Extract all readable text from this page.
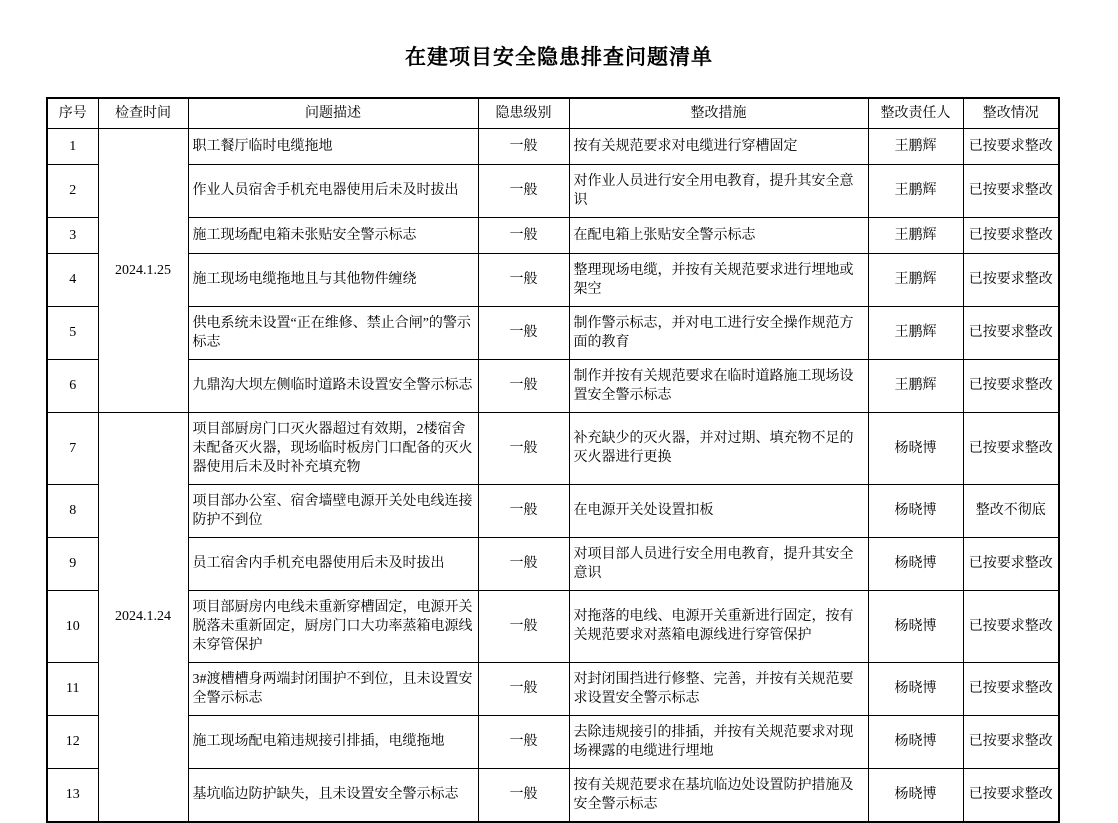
在建项目安全隐患排查问题清单
序号	检查时间	问题描述	隐患级别	整改措施	整改责任人	整改情况
1	2024.1.25	职工餐厅临时电缆拖地	一般	按有关规范要求对电缆进行穿槽固定	王鹏辉	已按要求整改
2		作业人员宿舍手机充电器使用后未及时拔出	一般	对作业人员进行安全用电教育，提升其安全意识	王鹏辉	已按要求整改
3		施工现场配电箱未张贴安全警示标志	一般	在配电箱上张贴安全警示标志	王鹏辉	已按要求整改
4		施工现场电缆拖地且与其他物件缠绕	一般	整理现场电缆，并按有关规范要求进行埋地或架空	王鹏辉	已按要求整改
5		供电系统未设置“正在维修、禁止合闸”的警示标志	一般	制作警示标志，并对电工进行安全操作规范方面的教育	王鹏辉	已按要求整改
6		九鼎沟大坝左侧临时道路未设置安全警示标志	一般	制作并按有关规范要求在临时道路施工现场设置安全警示标志	王鹏辉	已按要求整改
7	2024.1.24	项目部厨房门口灭火器超过有效期，2楼宿舍未配备灭火器，现场临时板房门口配备的灭火器使用后未及时补充填充物	一般	补充缺少的灭火器，并对过期、填充物不足的灭火器进行更换	杨晓博	已按要求整改
8		项目部办公室、宿舍墙壁电源开关处电线连接防护不到位	一般	在电源开关处设置扣板	杨晓博	整改不彻底
9		员工宿舍内手机充电器使用后未及时拔出	一般	对项目部人员进行安全用电教育，提升其安全意识	杨晓博	已按要求整改
10		项目部厨房内电线未重新穿槽固定，电源开关脱落未重新固定，厨房门口大功率蒸箱电源线未穿管保护	一般	对拖落的电线、电源开关重新进行固定，按有关规范要求对蒸箱电源线进行穿管保护	杨晓博	已按要求整改
11		3#渡槽槽身两端封闭围护不到位，且未设置安全警示标志	一般	对封闭围挡进行修整、完善，并按有关规范要求设置安全警示标志	杨晓博	已按要求整改
12		施工现场配电箱违规接引排插，电缆拖地	一般	去除违规接引的排插，并按有关规范要求对现场裸露的电缆进行埋地	杨晓博	已按要求整改
13		基坑临边防护缺失，且未设置安全警示标志	一般	按有关规范要求在基坑临边处设置防护措施及安全警示标志	杨晓博	已按要求整改
